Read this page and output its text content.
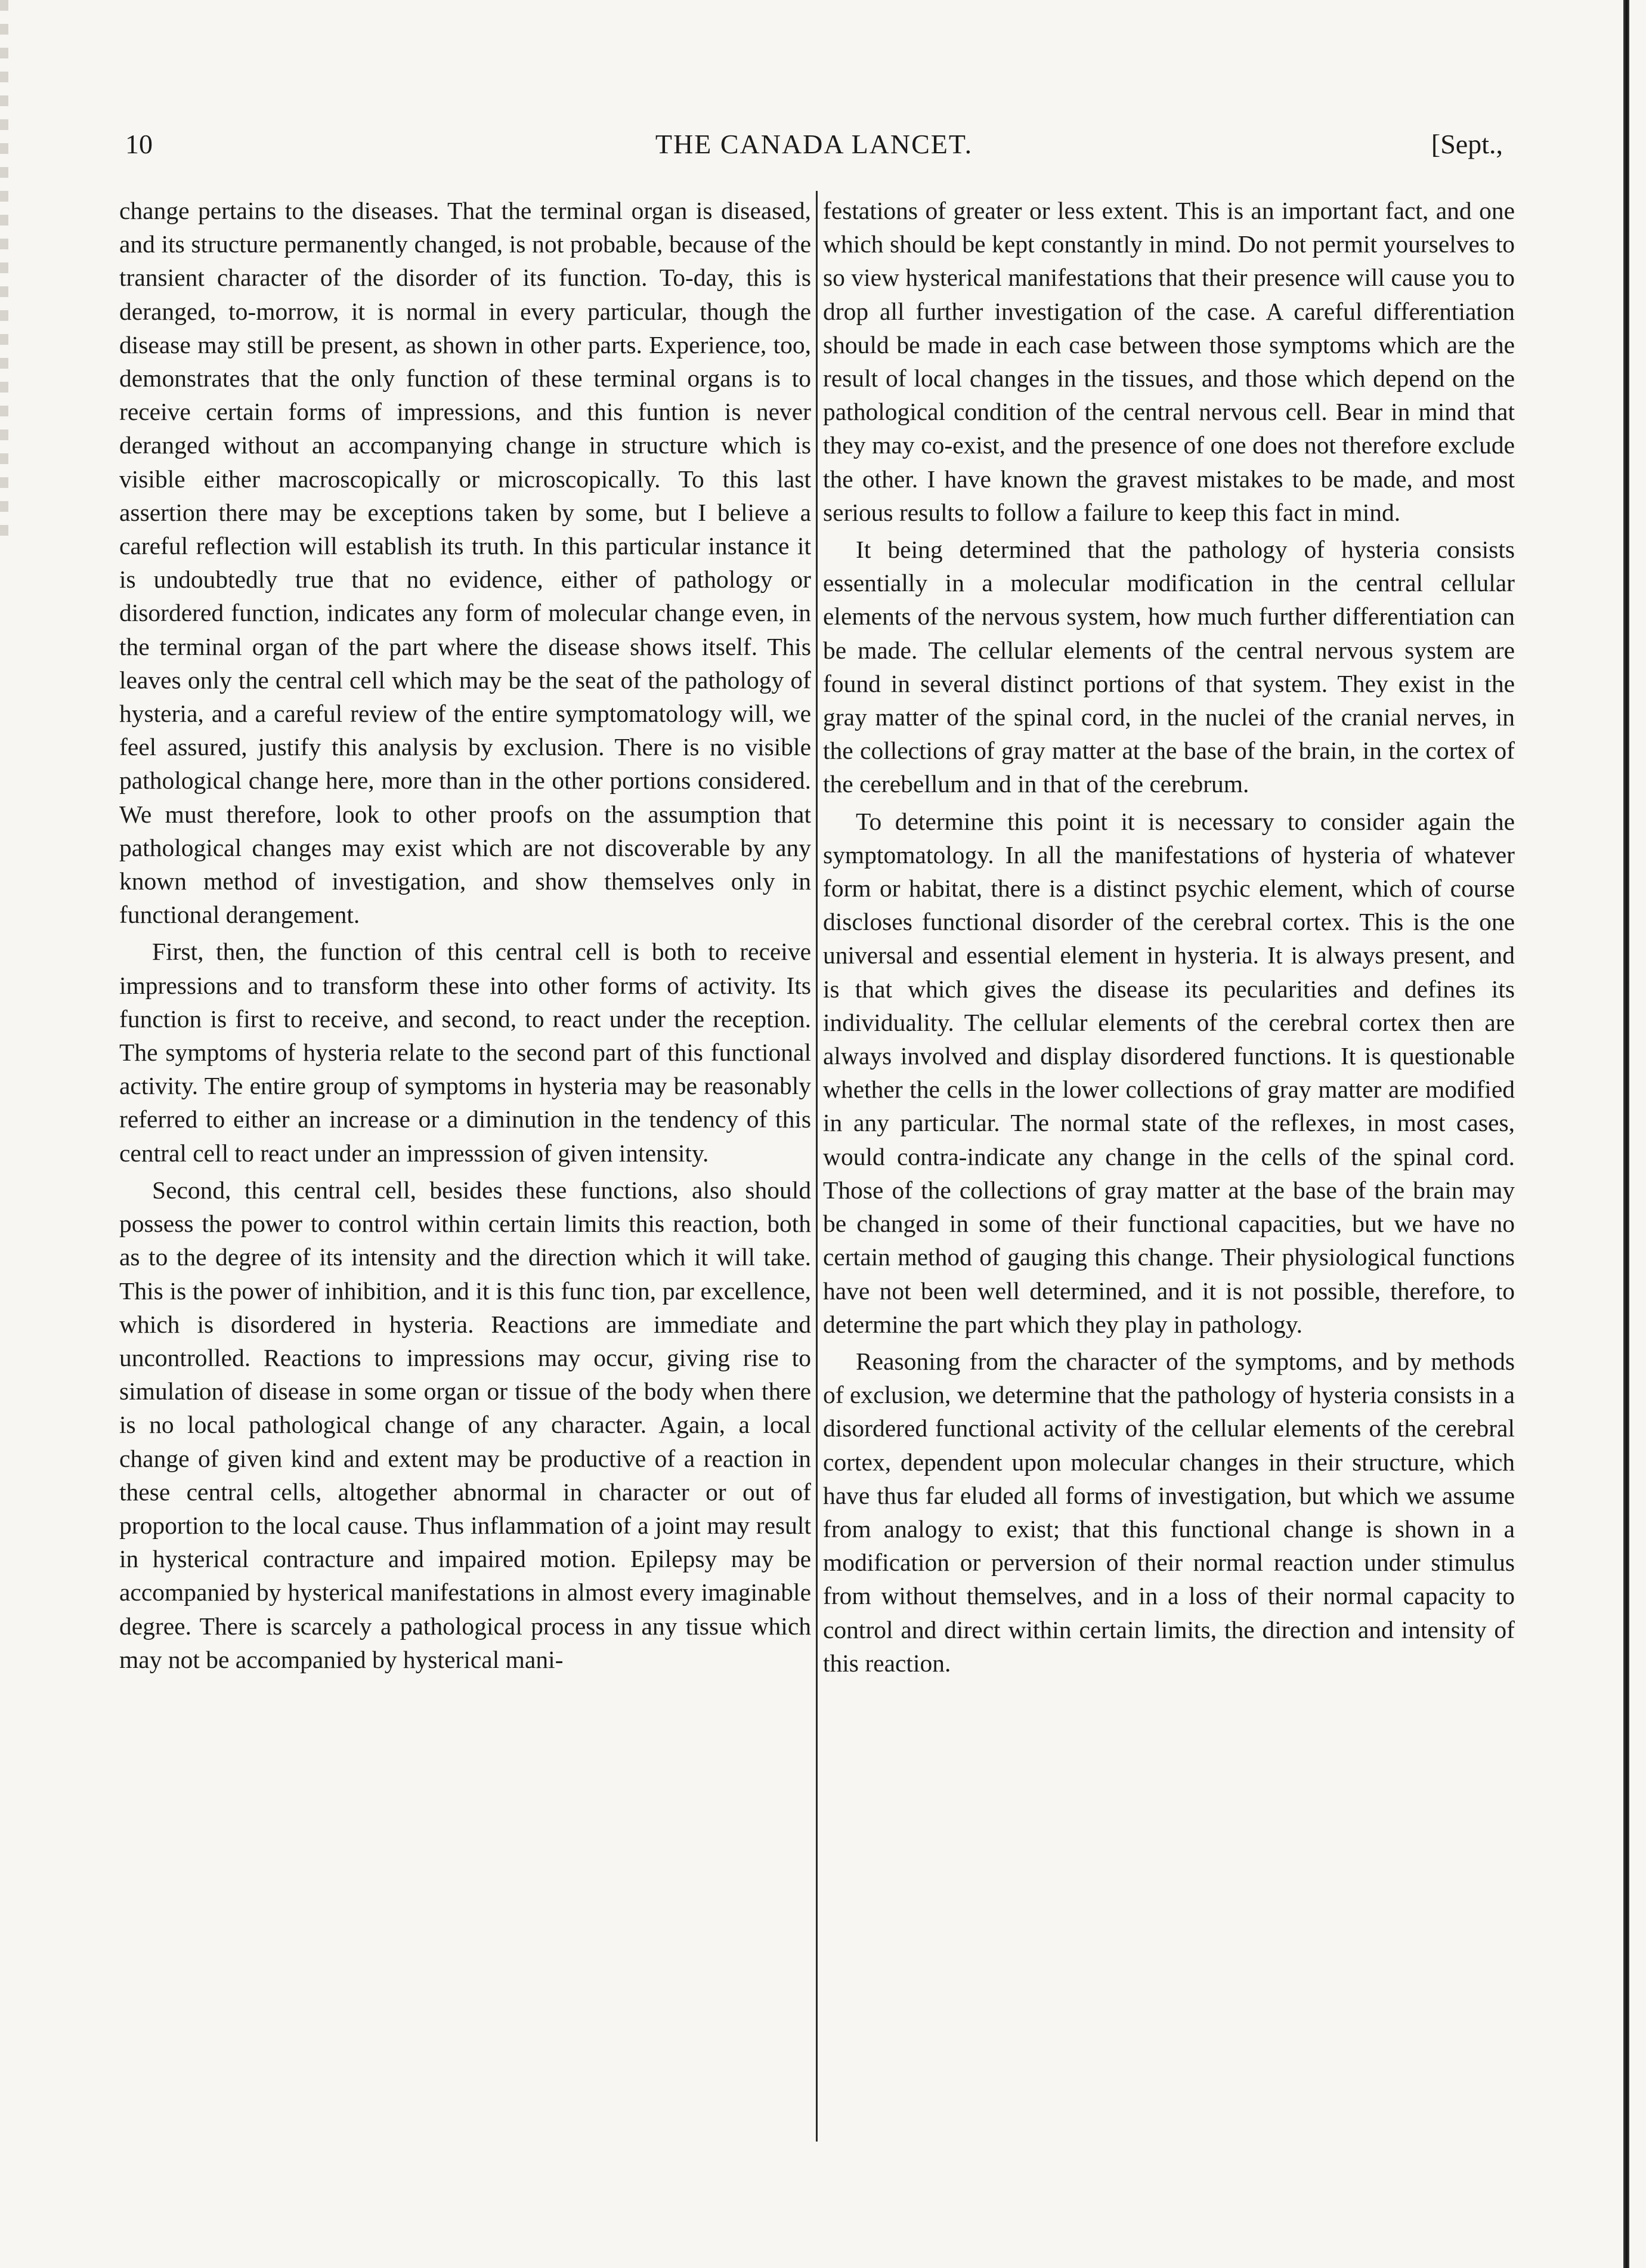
10	THE CANADA LANCET.	[Sept.,

change pertains to the diseases. That the terminal organ is diseased, and its structure permanently changed, is not probable, because of the transient character of the disorder of its function. To-day, this is deranged, to-morrow, it is normal in every particular, though the disease may still be present, as shown in other parts. Experience, too, demonstrates that the only function of these terminal organs is to receive certain forms of impressions, and this funtion is never deranged without an accompanying change in structure which is visible either macroscopically or microscopically. To this last assertion there may be exceptions taken by some, but I believe a careful reflection will establish its truth. In this particular instance it is undoubtedly true that no evidence, either of pathology or disordered function, indicates any form of molecular change even, in the terminal organ of the part where the disease shows itself. This leaves only the central cell which may be the seat of the pathology of hysteria, and a careful review of the entire symptomatology will, we feel assured, justify this analysis by exclusion. There is no visible pathological change here, more than in the other portions considered. We must therefore, look to other proofs on the assumption that pathological changes may exist which are not discoverable by any known method of investigation, and show themselves only in functional derangement.

First, then, the function of this central cell is both to receive impressions and to transform these into other forms of activity. Its function is first to receive, and second, to react under the reception. The symptoms of hysteria relate to the second part of this functional activity. The entire group of symptoms in hysteria may be reasonably referred to either an increase or a diminution in the tendency of this central cell to react under an impresssion of given intensity.

Second, this central cell, besides these functions, also should possess the power to control within certain limits this reaction, both as to the degree of its intensity and the direction which it will take. This is the power of inhibition, and it is this func tion, par excellence, which is disordered in hysteria. Reactions are immediate and uncontrolled. Reactions to impressions may occur, giving rise to simulation of disease in some organ or tissue of the body when there is no local pathological change of any character. Again, a local change of given kind and extent may be productive of a reaction in these central cells, altogether abnormal in character or out of proportion to the local cause. Thus inflammation of a joint may result in hysterical contracture and impaired motion. Epilepsy may be accompanied by hysterical manifestations in almost every imaginable degree. There is scarcely a pathological process in any tissue which may not be accompanied by hysterical mani-

festations of greater or less extent. This is an important fact, and one which should be kept constantly in mind. Do not permit yourselves to so view hysterical manifestations that their presence will cause you to drop all further investigation of the case. A careful differentiation should be made in each case between those symptoms which are the result of local changes in the tissues, and those which depend on the pathological condition of the central nervous cell. Bear in mind that they may co-exist, and the presence of one does not therefore exclude the other. I have known the gravest mistakes to be made, and most serious results to follow a failure to keep this fact in mind.

It being determined that the pathology of hysteria consists essentially in a molecular modification in the central cellular elements of the nervous system, how much further differentiation can be made. The cellular elements of the central nervous system are found in several distinct portions of that system. They exist in the gray matter of the spinal cord, in the nuclei of the cranial nerves, in the collections of gray matter at the base of the brain, in the cortex of the cerebellum and in that of the cerebrum.

To determine this point it is necessary to consider again the symptomatology. In all the manifestations of hysteria of whatever form or habitat, there is a distinct psychic element, which of course discloses functional disorder of the cerebral cortex. This is the one universal and essential element in hysteria. It is always present, and is that which gives the disease its pecularities and defines its individuality. The cellular elements of the cerebral cortex then are always involved and display disordered functions. It is questionable whether the cells in the lower collections of gray matter are modified in any particular. The normal state of the reflexes, in most cases, would contra-indicate any change in the cells of the spinal cord. Those of the collections of gray matter at the base of the brain may be changed in some of their functional capacities, but we have no certain method of gauging this change. Their physiological functions have not been well determined, and it is not possible, therefore, to determine the part which they play in pathology.

Reasoning from the character of the symptoms, and by methods of exclusion, we determine that the pathology of hysteria consists in a disordered functional activity of the cellular elements of the cerebral cortex, dependent upon molecular changes in their structure, which have thus far eluded all forms of investigation, but which we assume from analogy to exist; that this functional change is shown in a modification or perversion of their normal reaction under stimulus from without themselves, and in a loss of their normal capacity to control and direct within certain limits, the direction and intensity of this reaction.
